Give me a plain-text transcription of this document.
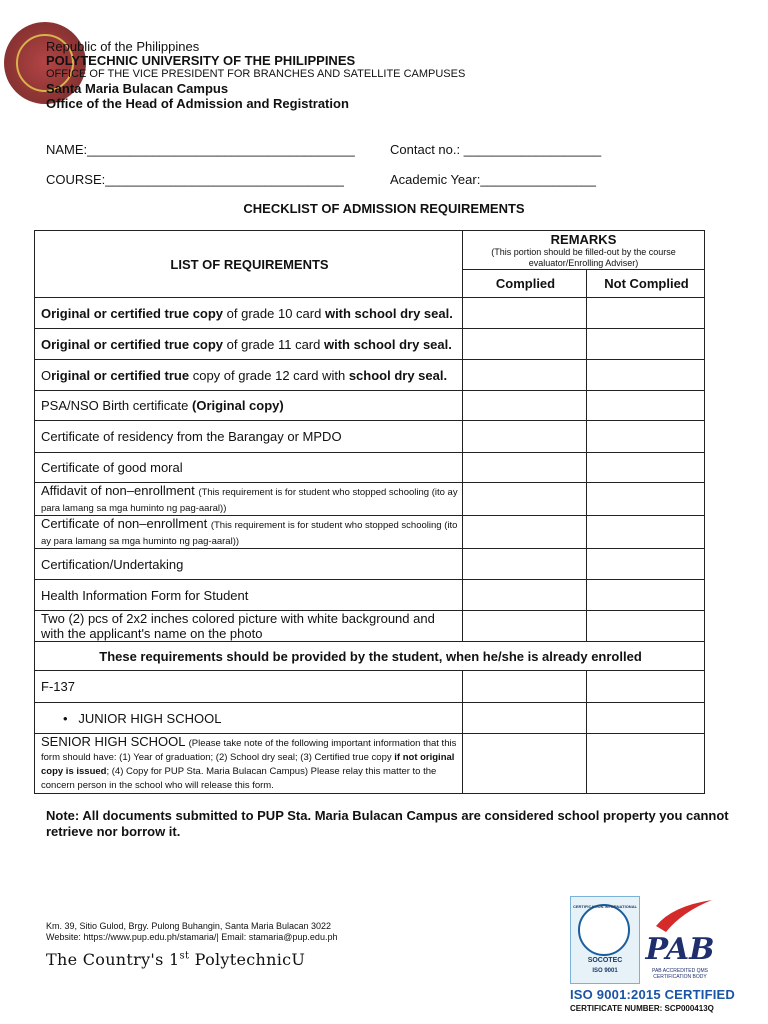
Republic of the Philippines
POLYTECHNIC UNIVERSITY OF THE PHILIPPINES
OFFICE OF THE VICE PRESIDENT FOR BRANCHES AND SATELLITE CAMPUSES
Santa Maria Bulacan Campus
Office of the Head of Admission and Registration
NAME:_____________________________________	Contact no.: ___________________
COURSE:_________________________________	Academic Year:________________
CHECKLIST OF ADMISSION REQUIREMENTS
LIST OF REQUIREMENTS	REMARKS
(This portion should be filled-out by the course evaluator/Enrolling Adviser)	

	Complied	Not Complied
Original or certified true copy of grade 10 card with school dry seal.		
Original or certified true copy of grade 11 card with school dry seal.		
Original or certified true copy of grade 12 card with school dry seal.		
PSA/NSO Birth certificate (Original copy)		
Certificate of residency from the Barangay or MPDO		
Certificate of good moral		
Affidavit of non–enrollment (This requirement is for student who stopped schooling (ito ay para lamang sa mga huminto ng pag-aaral))		
Certificate of non–enrollment (This requirement is for student who stopped schooling (ito ay para lamang sa mga huminto ng pag-aaral))		
Certification/Undertaking		
Health Information Form for Student		
Two (2) pcs of 2x2 inches colored picture with white background and with the applicant's name on the photo		
These requirements should be provided by the student, when he/she is already enrolled		
F-137		
• JUNIOR HIGH SCHOOL		
SENIOR HIGH SCHOOL (Please take note of the following important information that this form should have: (1) Year of graduation; (2) School dry seal; (3) Certified true copy if not original copy is issued; (4) Copy for PUP Sta. Maria Bulacan Campus) Please relay this matter to the concern person in the school who will release this form.		
Note: All documents submitted to PUP Sta. Maria Bulacan Campus are considered school property you cannot retrieve nor borrow it.
Km. 39, Sitio Gulod, Brgy. Pulong Buhangin, Santa Maria Bulacan 3022
Website: https://www.pup.edu.ph/stamaria/| Email: stamaria@pup.edu.ph
The Country's 1st PolytechnicU
CERTIFICATION INTERNATIONAL
SOCOTEC
ISO 9001
PAB
PAB ACCREDITED QMS CERTIFICATION BODY
ISO 9001:2015 CERTIFIED
CERTIFICATE NUMBER: SCP000413Q
